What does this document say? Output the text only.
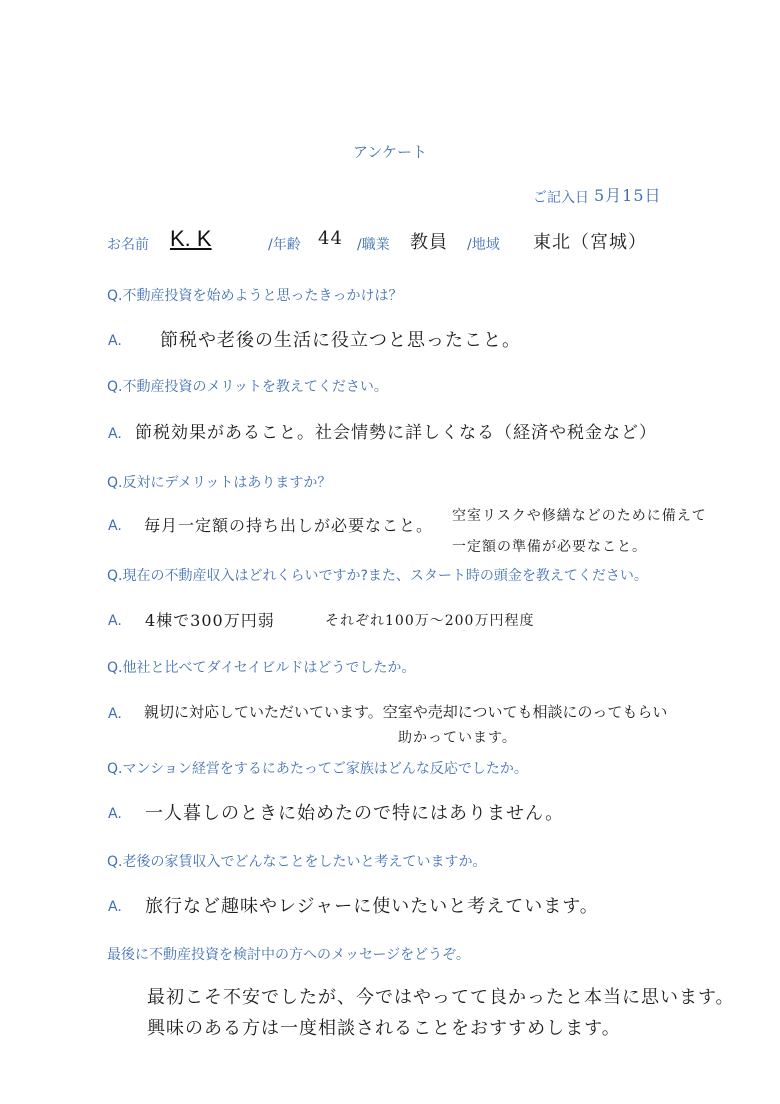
アンケート
ご記入日 5月15日
お名前 K. K	/年齢 44 /職業 教員 /地域 東北（宮城）
Q.不動産投資を始めようと思ったきっかけは？
A. 節税や老後の生活に役立つと思ったこと。
Q.不動産投資のメリットを教えてください。
A. 節税効果があること。社会情勢に詳しくなる（経済や税金など）
Q.反対にデメリットはありますか？
A. 毎月一定額の持ち出しが必要なこと。 空室リスクや修繕などのために備えて
一定額の準備が必要なこと。
Q.現在の不動産収入はどれくらいですか?また、スタート時の頭金を教えてください。
A. 4棟で300万円弱	それぞれ100万～200万円程度
Q.他社と比べてダイセイビルドはどうでしたか。
A. 親切に対応していただいています。空室や売却についても相談にのってもらい
助かっています。
Q.マンション経営をするにあたってご家族はどんな反応でしたか。
A. 一人暮しのときに始めたので特にはありません。
Q.老後の家賃収入でどんなことをしたいと考えていますか。
A. 旅行など趣味やレジャーに使いたいと考えています。
最後に不動産投資を検討中の方へのメッセージをどうぞ。
最初こそ不安でしたが、今ではやってて良かったと本当に思います。
興味のある方は一度相談されることをおすすめします。
